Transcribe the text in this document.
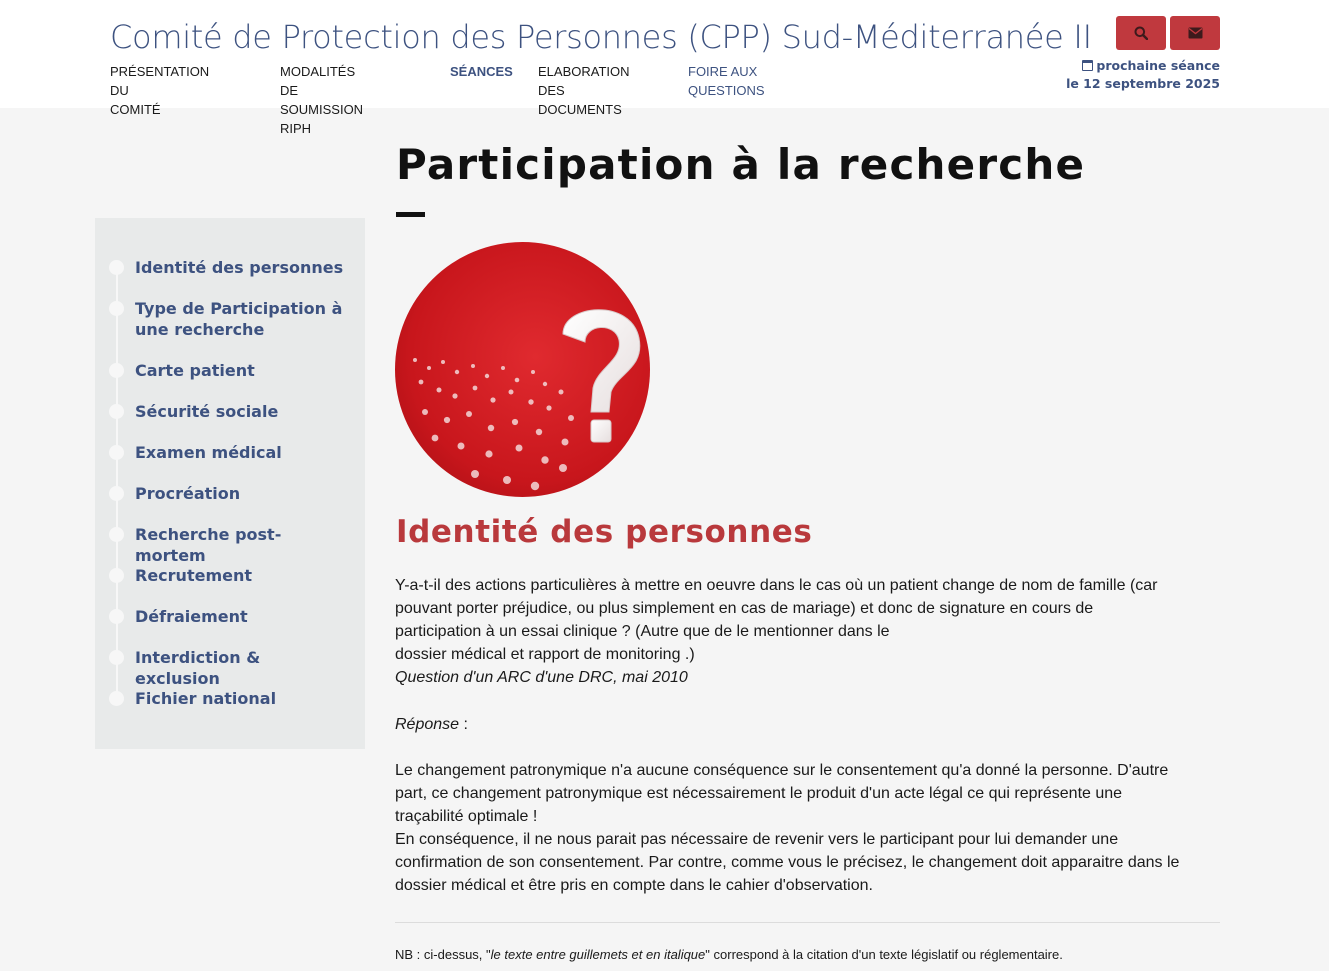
Comité de Protection des Personnes (CPP) Sud-Méditerranée II
PRÉSENTATION DU
COMITÉ
MODALITÉS DE
SOUMISSION RIPH
SÉANCES ELABORATION DES
DOCUMENTS
FOIRE AUX
QUESTIONS
prochaine séance
le 12 septembre 2025
Participation à la recherche
Identité des personnes
Type de Participation à une recherche
Carte patient
Sécurité sociale
Examen médical
Procréation
Recherche post-mortem
Recrutement
Défraiement
Interdiction & exclusion
Fichier national
Identité des personnes
Y-a-t-il des actions particulières à mettre en oeuvre dans le cas où un patient change de nom de famille (car
pouvant porter préjudice, ou plus simplement en cas de mariage) et donc de signature en cours de
participation à un essai clinique ? (Autre que de le mentionner dans le
dossier médical et rapport de monitoring .)
Question d'un ARC d'une DRC, mai 2010
Réponse :
Le changement patronymique n'a aucune conséquence sur le consentement qu'a donné la personne. D'autre
part, ce changement patronymique est nécessairement le produit d'un acte légal ce qui représente une
traçabilité optimale !
En conséquence, il ne nous parait pas nécessaire de revenir vers le participant pour lui demander une
confirmation de son consentement. Par contre, comme vous le précisez, le changement doit apparaitre dans le
dossier médical et être pris en compte dans le cahier d'observation.
NB : ci-dessus, "le texte entre guillemets et en italique" correspond à la citation d'un texte législatif ou réglementaire.
